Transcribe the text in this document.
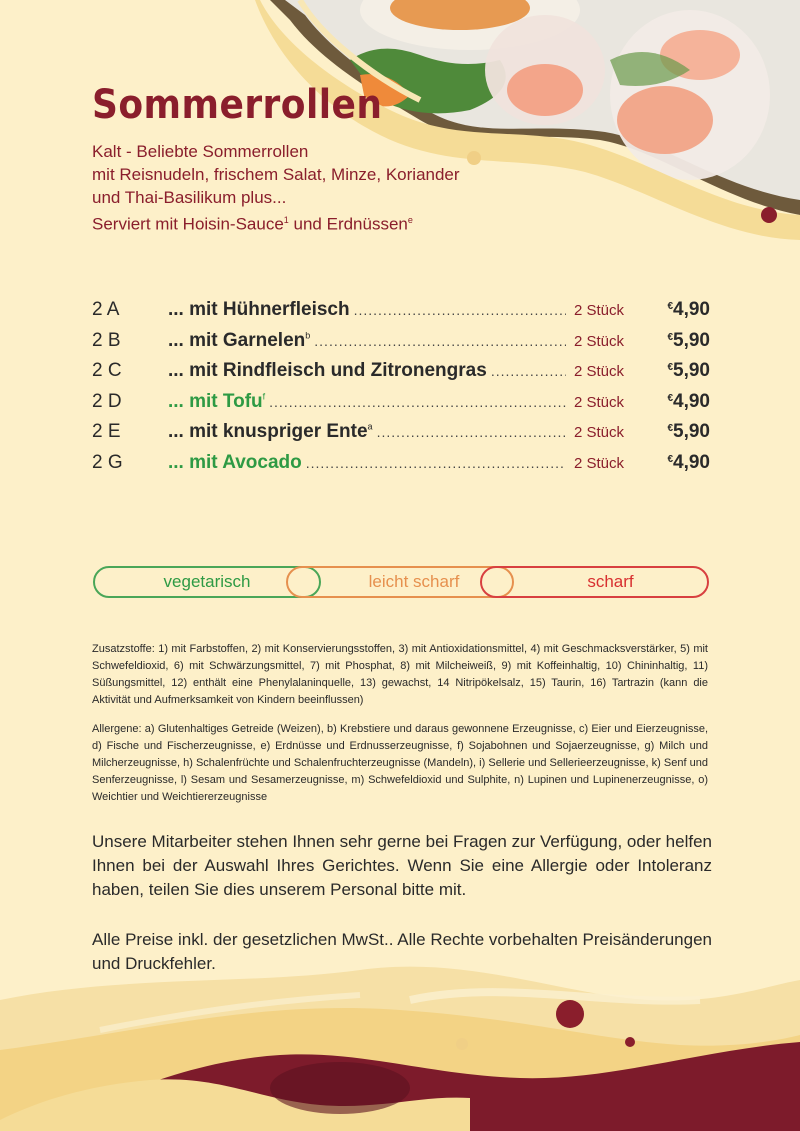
Sommerrollen
Kalt - Beliebte Sommerrollen
mit Reisnudeln, frischem Salat, Minze, Koriander
und Thai-Basilikum plus...
Serviert mit Hoisin-Sauce$^1$ und Erdnüssen$^e$
2 A	... mit Hühnerfleisch .....	2 Stück	€4,90
2 B	... mit Garnelen$^b$ .....	2 Stück	€5,90
2 C	... mit Rindfleisch und Zitronengras .....	2 Stück	€5,90
2 D	... mit Tofu$^f$ .....	2 Stück	€4,90
2 E	... mit knuspriger Ente$^a$ .....	2 Stück	€5,90
2 G	... mit Avocado .....	2 Stück	€4,90
vegetarisch	leicht scharf	scharf
Zusatzstoffe: 1) mit Farbstoffen, 2) mit Konservierungsstoffen, 3) mit Antioxidationsmittel, 4) mit Geschmacksverstärker, 5) mit Schwefeldioxid, 6) mit Schwärzungsmittel, 7) mit Phosphat, 8) mit Milcheiweiß, 9) mit Koffeinhaltig, 10) Chininhaltig, 11) Süßungsmittel, 12) enthält eine Phenylalaninquelle, 13) gewachst, 14 Nitripökelsalz, 15) Taurin, 16) Tartrazin (kann die Aktivität und Aufmerksamkeit von Kindern beeinflussen)
Allergene: a) Glutenhaltiges Getreide (Weizen), b) Krebstiere und daraus gewonnene Erzeugnisse, c) Eier und Eierzeugnisse, d) Fische und Fischerzeugnisse, e) Erdnüsse und Erdnusserzeugnisse, f) Sojabohnen und Sojaerzeugnisse, g) Milch und Milcherzeugnisse, h) Schalenfrüchte und Schalenfruchterzeugnisse (Mandeln), i) Sellerie und Sellerieerzeugnisse, k) Senf und Senferzeugnisse, l) Sesam und Sesamerzeugnisse, m) Schwefeldioxid und Sulphite, n) Lupinen und Lupinenerzeugnisse, o) Weichtier und Weichtiererzeugnisse
Unsere Mitarbeiter stehen Ihnen sehr gerne bei Fragen zur Verfügung, oder helfen Ihnen bei der Auswahl Ihres Gerichtes. Wenn Sie eine Allergie oder Intoleranz haben, teilen Sie dies unserem Personal bitte mit.
Alle Preise inkl. der gesetzlichen MwSt.. Alle Rechte vorbehalten Preisänderungen und Druckfehler.
